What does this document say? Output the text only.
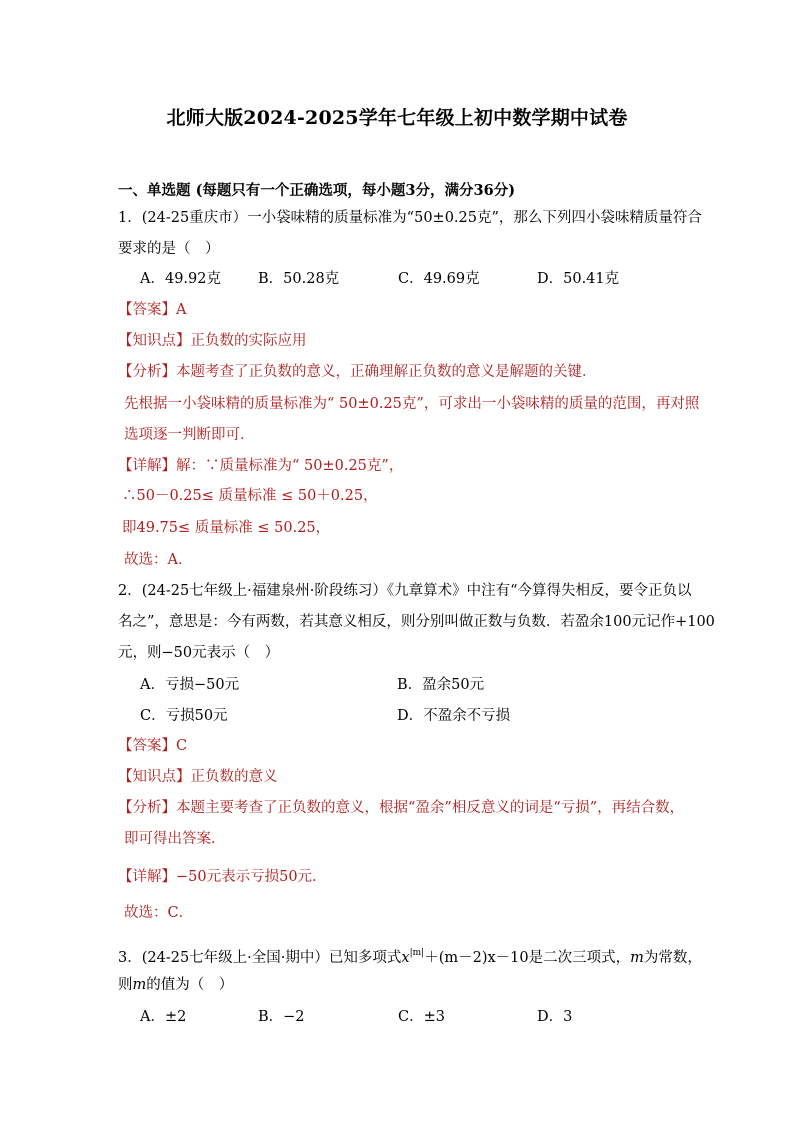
北师大版2024-2025学年七年级上初中数学期中试卷
一、单选题 (每题只有一个正确选项，每小题3分，满分36分)
1．(24-25重庆市）一小袋味精的质量标准为“50±0.25克”，那么下列四小袋味精质量符合
要求的是（　）
A．49.92克	B．50.28克	C．49.69克	D．50.41克
【答案】A
【知识点】正负数的实际应用
【分析】本题考查了正负数的意义，正确理解正负数的意义是解题的关键．
先根据一小袋味精的质量标准为“ 50±0.25克”，可求出一小袋味精的质量的范围，再对照
选项逐一判断即可．
【详解】解：∵质量标准为“ 50±0.25克”，
∴50－0.25≤ 质量标准 ≤ 50＋0.25，
即49.75≤ 质量标准 ≤ 50.25，
故选：A．
2．(24-25七年级上·福建泉州·阶段练习）《九章算术》中注有“今算得失相反，要令正负以
名之”，意思是：今有两数，若其意义相反，则分别叫做正数与负数．若盈余100元记作+100
元，则−50元表示（　）
A．亏损−50元	B．盈余50元
C．亏损50元	D．不盈余不亏损
【答案】C
【知识点】正负数的意义
【分析】本题主要考查了正负数的意义，根据“盈余”相反意义的词是“亏损”，再结合数，
即可得出答案．
【详解】−50元表示亏损50元．
故选：C．
3．(24-25七年级上·全国·期中）已知多项式$x^{|m|}+(m-2)x-10$是二次三项式，m为常数，
则m的值为（　）
A．±2	B．−2	C．±3	D．3
